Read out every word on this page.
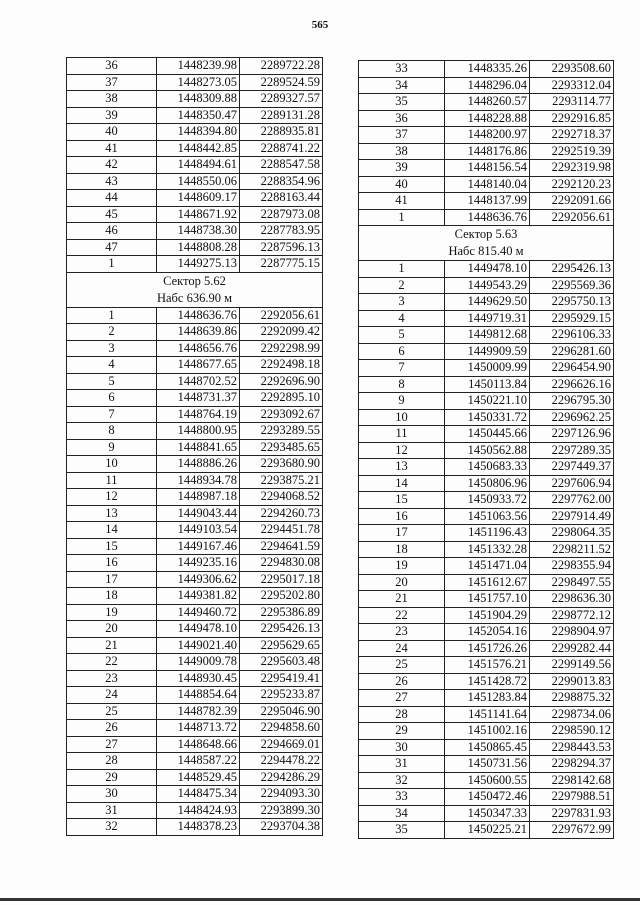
565
36	1448239.98	2289722.28
37	1448273.05	2289524.59
38	1448309.88	2289327.57
39	1448350.47	2289131.28
40	1448394.80	2288935.81
41	1448442.85	2288741.22
42	1448494.61	2288547.58
43	1448550.06	2288354.96
44	1448609.17	2288163.44
45	1448671.92	2287973.08
46	1448738.30	2287783.95
47	1448808.28	2287596.13
1	1449275.13	2287775.15

Сектор 5.62
Набс 636.90 м		

1	1448636.76	2292056.61
2	1448639.86	2292099.42
3	1448656.76	2292298.99
4	1448677.65	2292498.18
5	1448702.52	2292696.90
6	1448731.37	2292895.10
7	1448764.19	2293092.67
8	1448800.95	2293289.55
9	1448841.65	2293485.65
10	1448886.26	2293680.90
11	1448934.78	2293875.21
12	1448987.18	2294068.52
13	1449043.44	2294260.73
14	1449103.54	2294451.78
15	1449167.46	2294641.59
16	1449235.16	2294830.08
17	1449306.62	2295017.18
18	1449381.82	2295202.80
19	1449460.72	2295386.89
20	1449478.10	2295426.13
21	1449021.40	2295629.65
22	1449009.78	2295603.48
23	1448930.45	2295419.41
24	1448854.64	2295233.87
25	1448782.39	2295046.90
26	1448713.72	2294858.60
27	1448648.66	2294669.01
28	1448587.22	2294478.22
29	1448529.45	2294286.29
30	1448475.34	2294093.30
31	1448424.93	2293899.30
32	1448378.23	2293704.38
33	1448335.26	2293508.60
34	1448296.04	2293312.04
35	1448260.57	2293114.77
36	1448228.88	2292916.85
37	1448200.97	2292718.37
38	1448176.86	2292519.39
39	1448156.54	2292319.98
40	1448140.04	2292120.23
41	1448137.99	2292091.66
1	1448636.76	2292056.61

Сектор 5.63
Набс 815.40 м		

1	1449478.10	2295426.13
2	1449543.29	2295569.36
3	1449629.50	2295750.13
4	1449719.31	2295929.15
5	1449812.68	2296106.33
6	1449909.59	2296281.60
7	1450009.99	2296454.90
8	1450113.84	2296626.16
9	1450221.10	2296795.30
10	1450331.72	2296962.25
11	1450445.66	2297126.96
12	1450562.88	2297289.35
13	1450683.33	2297449.37
14	1450806.96	2297606.94
15	1450933.72	2297762.00
16	1451063.56	2297914.49
17	1451196.43	2298064.35
18	1451332.28	2298211.52
19	1451471.04	2298355.94
20	1451612.67	2298497.55
21	1451757.10	2298636.30
22	1451904.29	2298772.12
23	1452054.16	2298904.97
24	1451726.26	2299282.44
25	1451576.21	2299149.56
26	1451428.72	2299013.83
27	1451283.84	2298875.32
28	1451141.64	2298734.06
29	1451002.16	2298590.12
30	1450865.45	2298443.53
31	1450731.56	2298294.37
32	1450600.55	2298142.68
33	1450472.46	2297988.51
34	1450347.33	2297831.93
35	1450225.21	2297672.99
